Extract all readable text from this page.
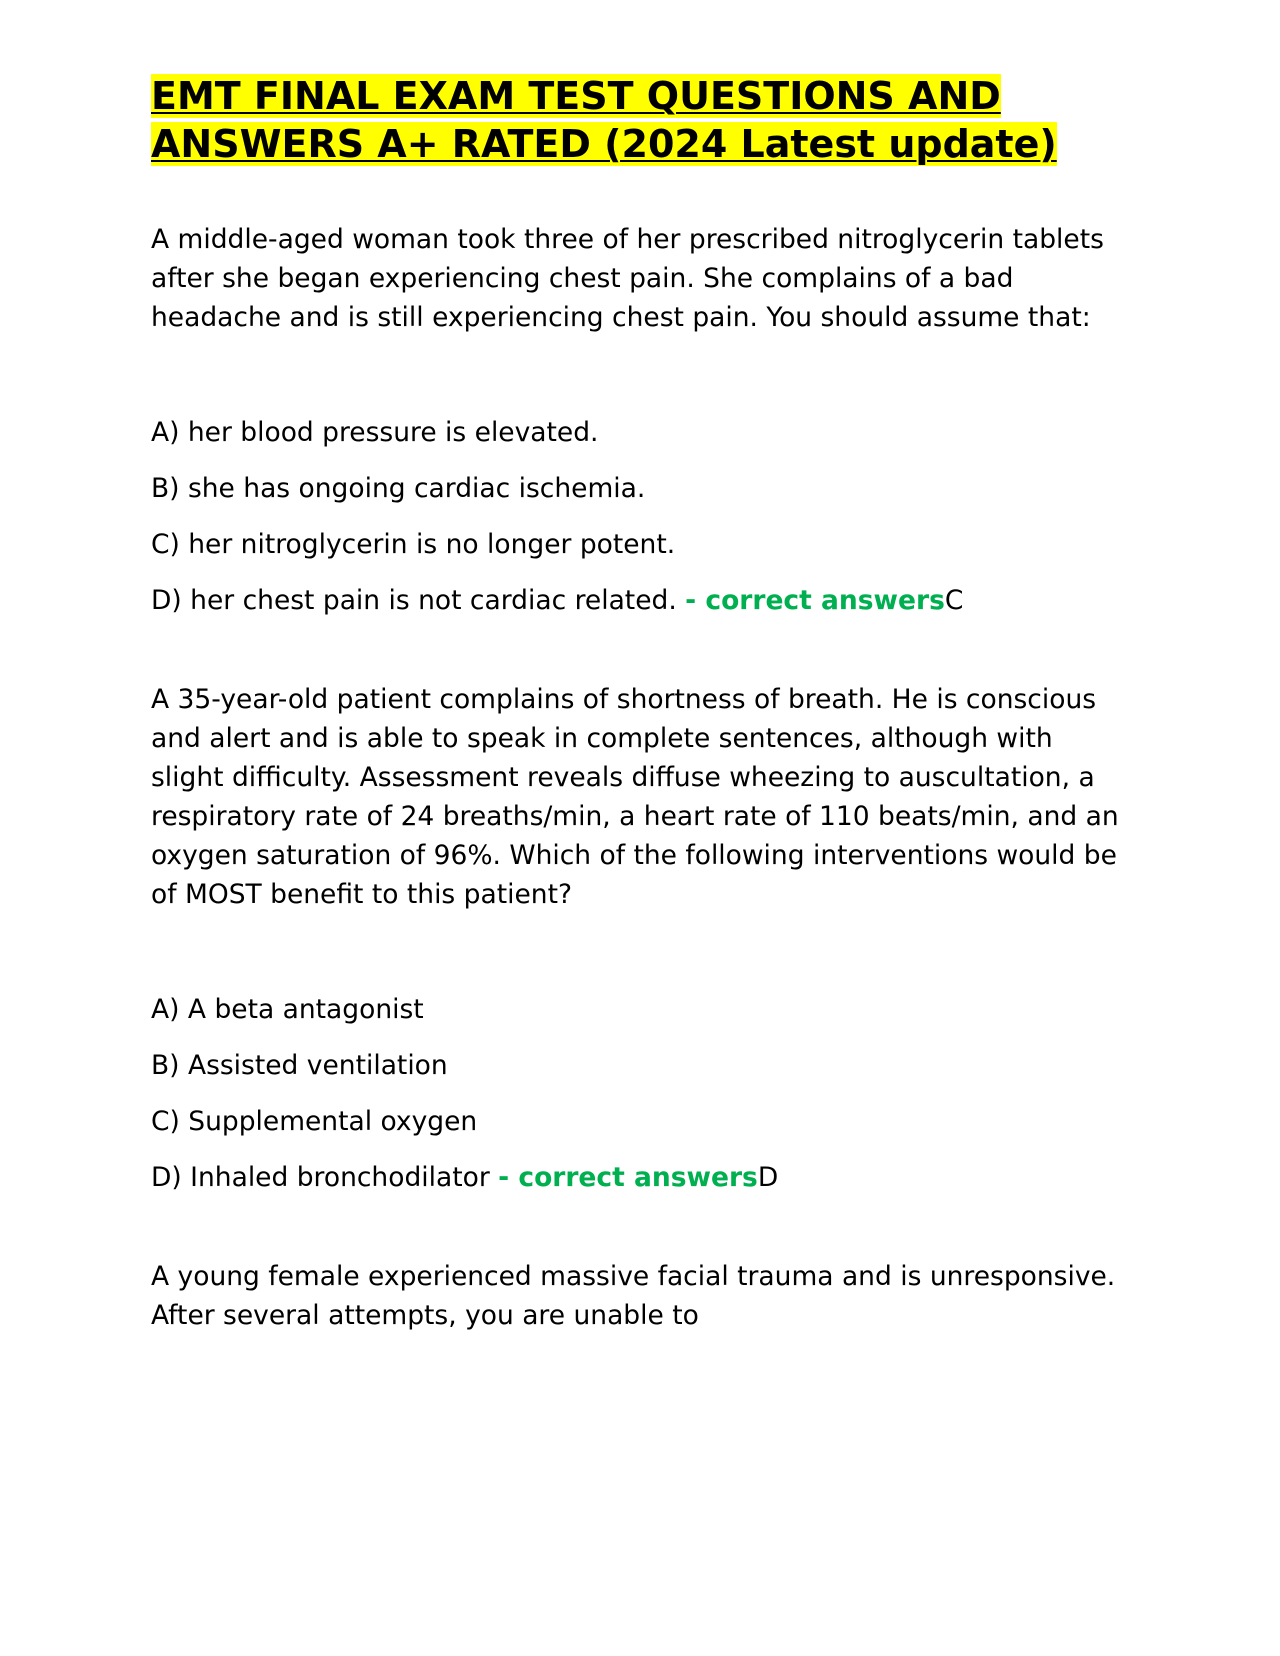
EMT FINAL EXAM TEST QUESTIONS AND ANSWERS A+ RATED (2024 Latest update)

A middle-aged woman took three of her prescribed nitroglycerin tablets after she began experiencing chest pain. She complains of a bad headache and is still experiencing chest pain. You should assume that:

A) her blood pressure is elevated.
B) she has ongoing cardiac ischemia.
C) her nitroglycerin is no longer potent.
D) her chest pain is not cardiac related. - correct answersC

A 35-year-old patient complains of shortness of breath. He is conscious and alert and is able to speak in complete sentences, although with slight difficulty. Assessment reveals diffuse wheezing to auscultation, a respiratory rate of 24 breaths/min, a heart rate of 110 beats/min, and an oxygen saturation of 96%. Which of the following interventions would be of MOST benefit to this patient?

A) A beta antagonist
B) Assisted ventilation
C) Supplemental oxygen
D) Inhaled bronchodilator - correct answersD

A young female experienced massive facial trauma and is unresponsive. After several attempts, you are unable to
